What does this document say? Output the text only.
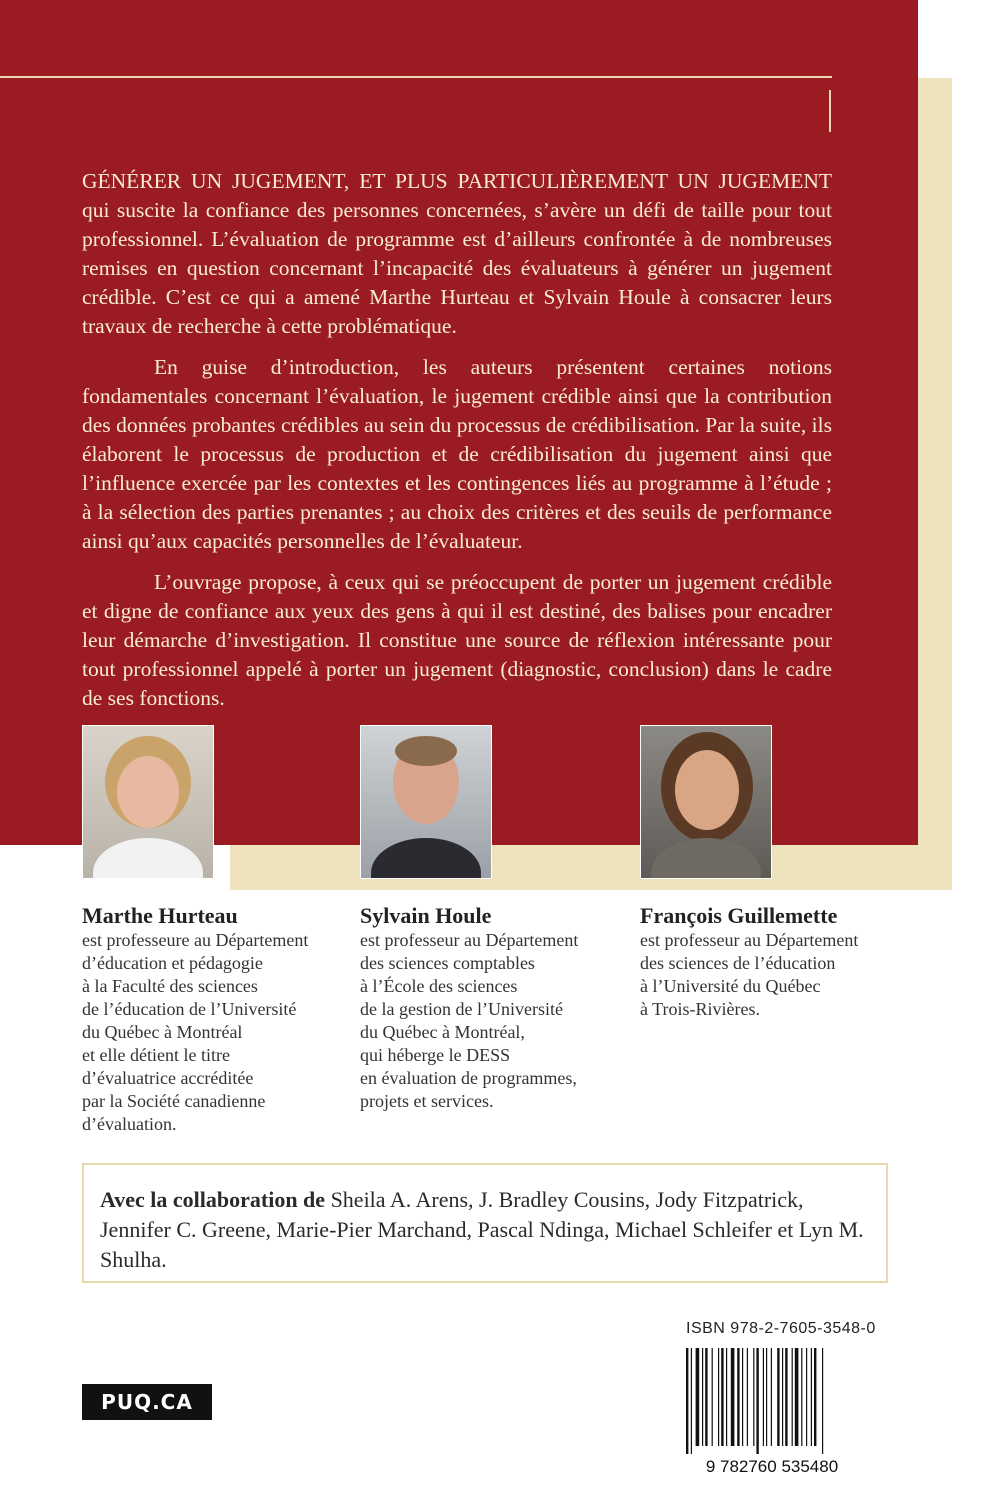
GÉNÉRER UN JUGEMENT, ET PLUS PARTICULIÈREMENT UN JUGEMENT qui suscite la confiance des personnes concernées, s’avère un défi de taille pour tout professionnel. L’évaluation de programme est d’ailleurs confrontée à de nombreuses remises en question concernant l’incapacité des évaluateurs à générer un jugement crédible. C’est ce qui a amené Marthe Hurteau et Sylvain Houle à consacrer leurs travaux de recherche à cette problématique.

En guise d’introduction, les auteurs présentent certaines notions fondamentales concernant l’évaluation, le jugement crédible ainsi que la contribution des données probantes crédibles au sein du processus de crédibilisation. Par la suite, ils élaborent le processus de production et de crédibilisation du jugement ainsi que l’influence exercée par les contextes et les contingences liés au programme à l’étude ; à la sélection des parties prenantes ; au choix des critères et des seuils de performance ainsi qu’aux capacités personnelles de l’évaluateur.

L’ouvrage propose, à ceux qui se préoccupent de porter un jugement crédible et digne de confiance aux yeux des gens à qui il est destiné, des balises pour encadrer leur démarche d’investigation. Il constitue une source de réflexion intéressante pour tout professionnel appelé à porter un jugement (diagnostic, conclusion) dans le cadre de ses fonctions.

Marthe Hurteau
est professeure au Département
d’éducation et pédagogie
à la Faculté des sciences
de l’éducation de l’Université
du Québec à Montréal
et elle détient le titre
d’évaluatrice accréditée
par la Société canadienne
d’évaluation.
Sylvain Houle
est professeur au Département
des sciences comptables
à l’École des sciences
de la gestion de l’Université
du Québec à Montréal,
qui héberge le DESS
en évaluation de programmes,
projets et services.
François Guillemette
est professeur au Département
des sciences de l’éducation
à l’Université du Québec
à Trois-Rivières.
Avec la collaboration de Sheila A. Arens, J. Bradley Cousins, Jody Fitzpatrick, Jennifer C. Greene, Marie-Pier Marchand, Pascal Ndinga, Michael Schleifer et Lyn M. Shulha.
ISBN 978-2-7605-3548-0
9 782760 535480
PUQ.CA
